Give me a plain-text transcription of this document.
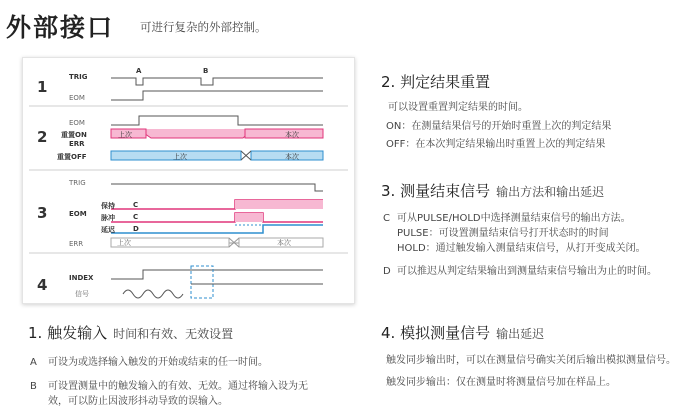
外部接口 可进行复杂的外部控制。
1
TRIG
EOM
A	B
2
EOM
重置ON
ERR
重置OFF
上次	本次
上次	本次
3
TRIG
EOM
保持
脉冲
延迟
C
C
D
ERR	上次	本次
4	INDEX
信号
1. 触发输入 时间和有效、无效设置
A 可设为或选择输入触发的开始或结束的任一时间。
B 可设置测量中的触发输入的有效、无效。通过将输入设为无
效，可以防止因波形抖动导致的误输入。
2. 判定结果重置
可以设置重置判定结果的时间。
ON：在测量结果信号的开始时重置上次的判定结果
OFF：在本次判定结果输出时重置上次的判定结果
3. 测量结束信号 输出方法和输出延迟
C 可从PULSE/HOLD中选择测量结束信号的输出方法。
PULSE：可设置测量结束信号打开状态时的时间
HOLD：通过触发输入测量结束信号，从打开变成关闭。
D 可以推迟从判定结果输出到测量结束信号输出为止的时间。
4. 模拟测量信号 输出延迟
触发同步输出时，可以在测量信号确实关闭后输出模拟测量信号。
触发同步输出：仅在测量时将测量信号加在样品上。
